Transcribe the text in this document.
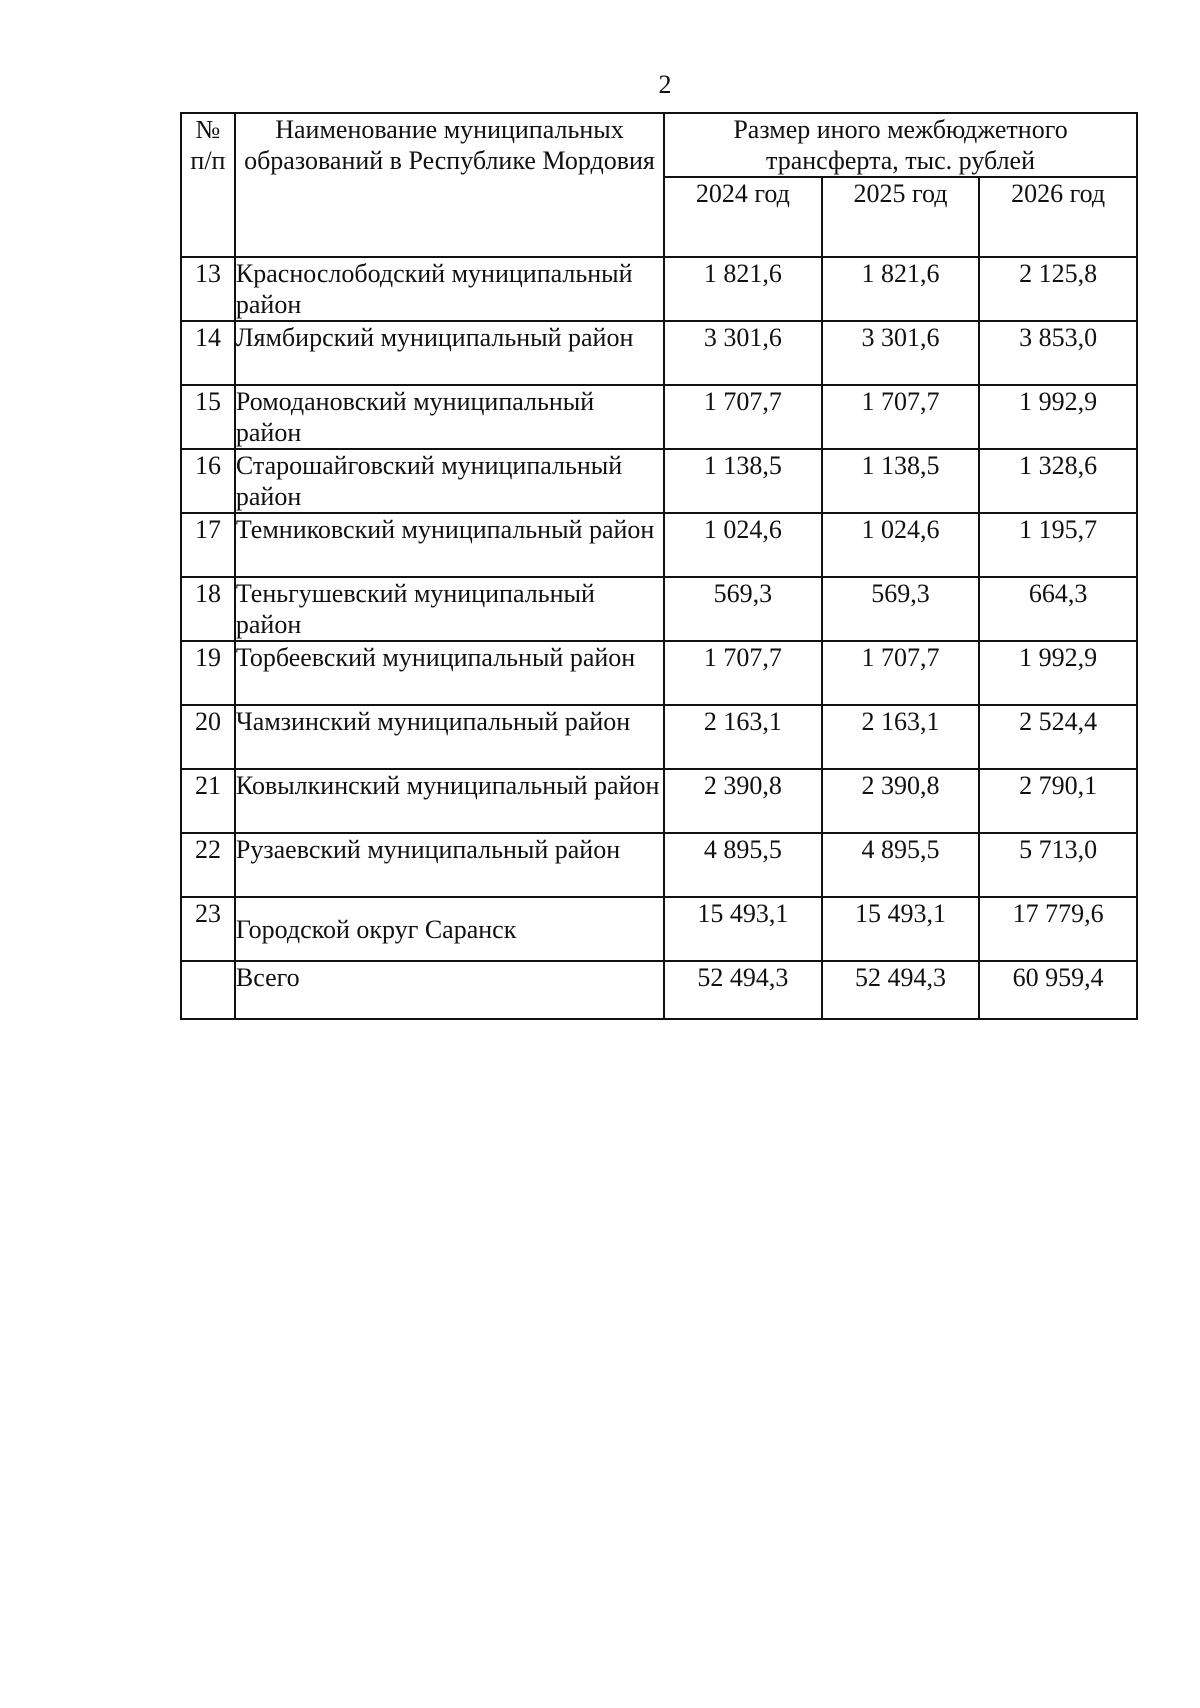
2
№ п/п	Наименование муниципальных образований в Республике Мордовия	Размер иного межбюджетного трансферта, тыс. рублей		
		2024 год	2025 год	2026 год
13	Краснослободский муниципальный район	1 821,6	1 821,6	2 125,8
14	Лямбирский муниципальный район	3 301,6	3 301,6	3 853,0
15	Ромодановский муниципальный район	1 707,7	1 707,7	1 992,9
16	Старошайговский муниципальный район	1 138,5	1 138,5	1 328,6
17	Темниковский муниципальный район	1 024,6	1 024,6	1 195,7
18	Теньгушевский муниципальный район	569,3	569,3	664,3
19	Торбеевский муниципальный район	1 707,7	1 707,7	1 992,9
20	Чамзинский муниципальный район	2 163,1	2 163,1	2 524,4
21	Ковылкинский муниципальный район	2 390,8	2 390,8	2 790,1
22	Рузаевский муниципальный район	4 895,5	4 895,5	5 713,0
23	Городской округ Саранск	15 493,1	15 493,1	17 779,6
	Всего	52 494,3	52 494,3	60 959,4
